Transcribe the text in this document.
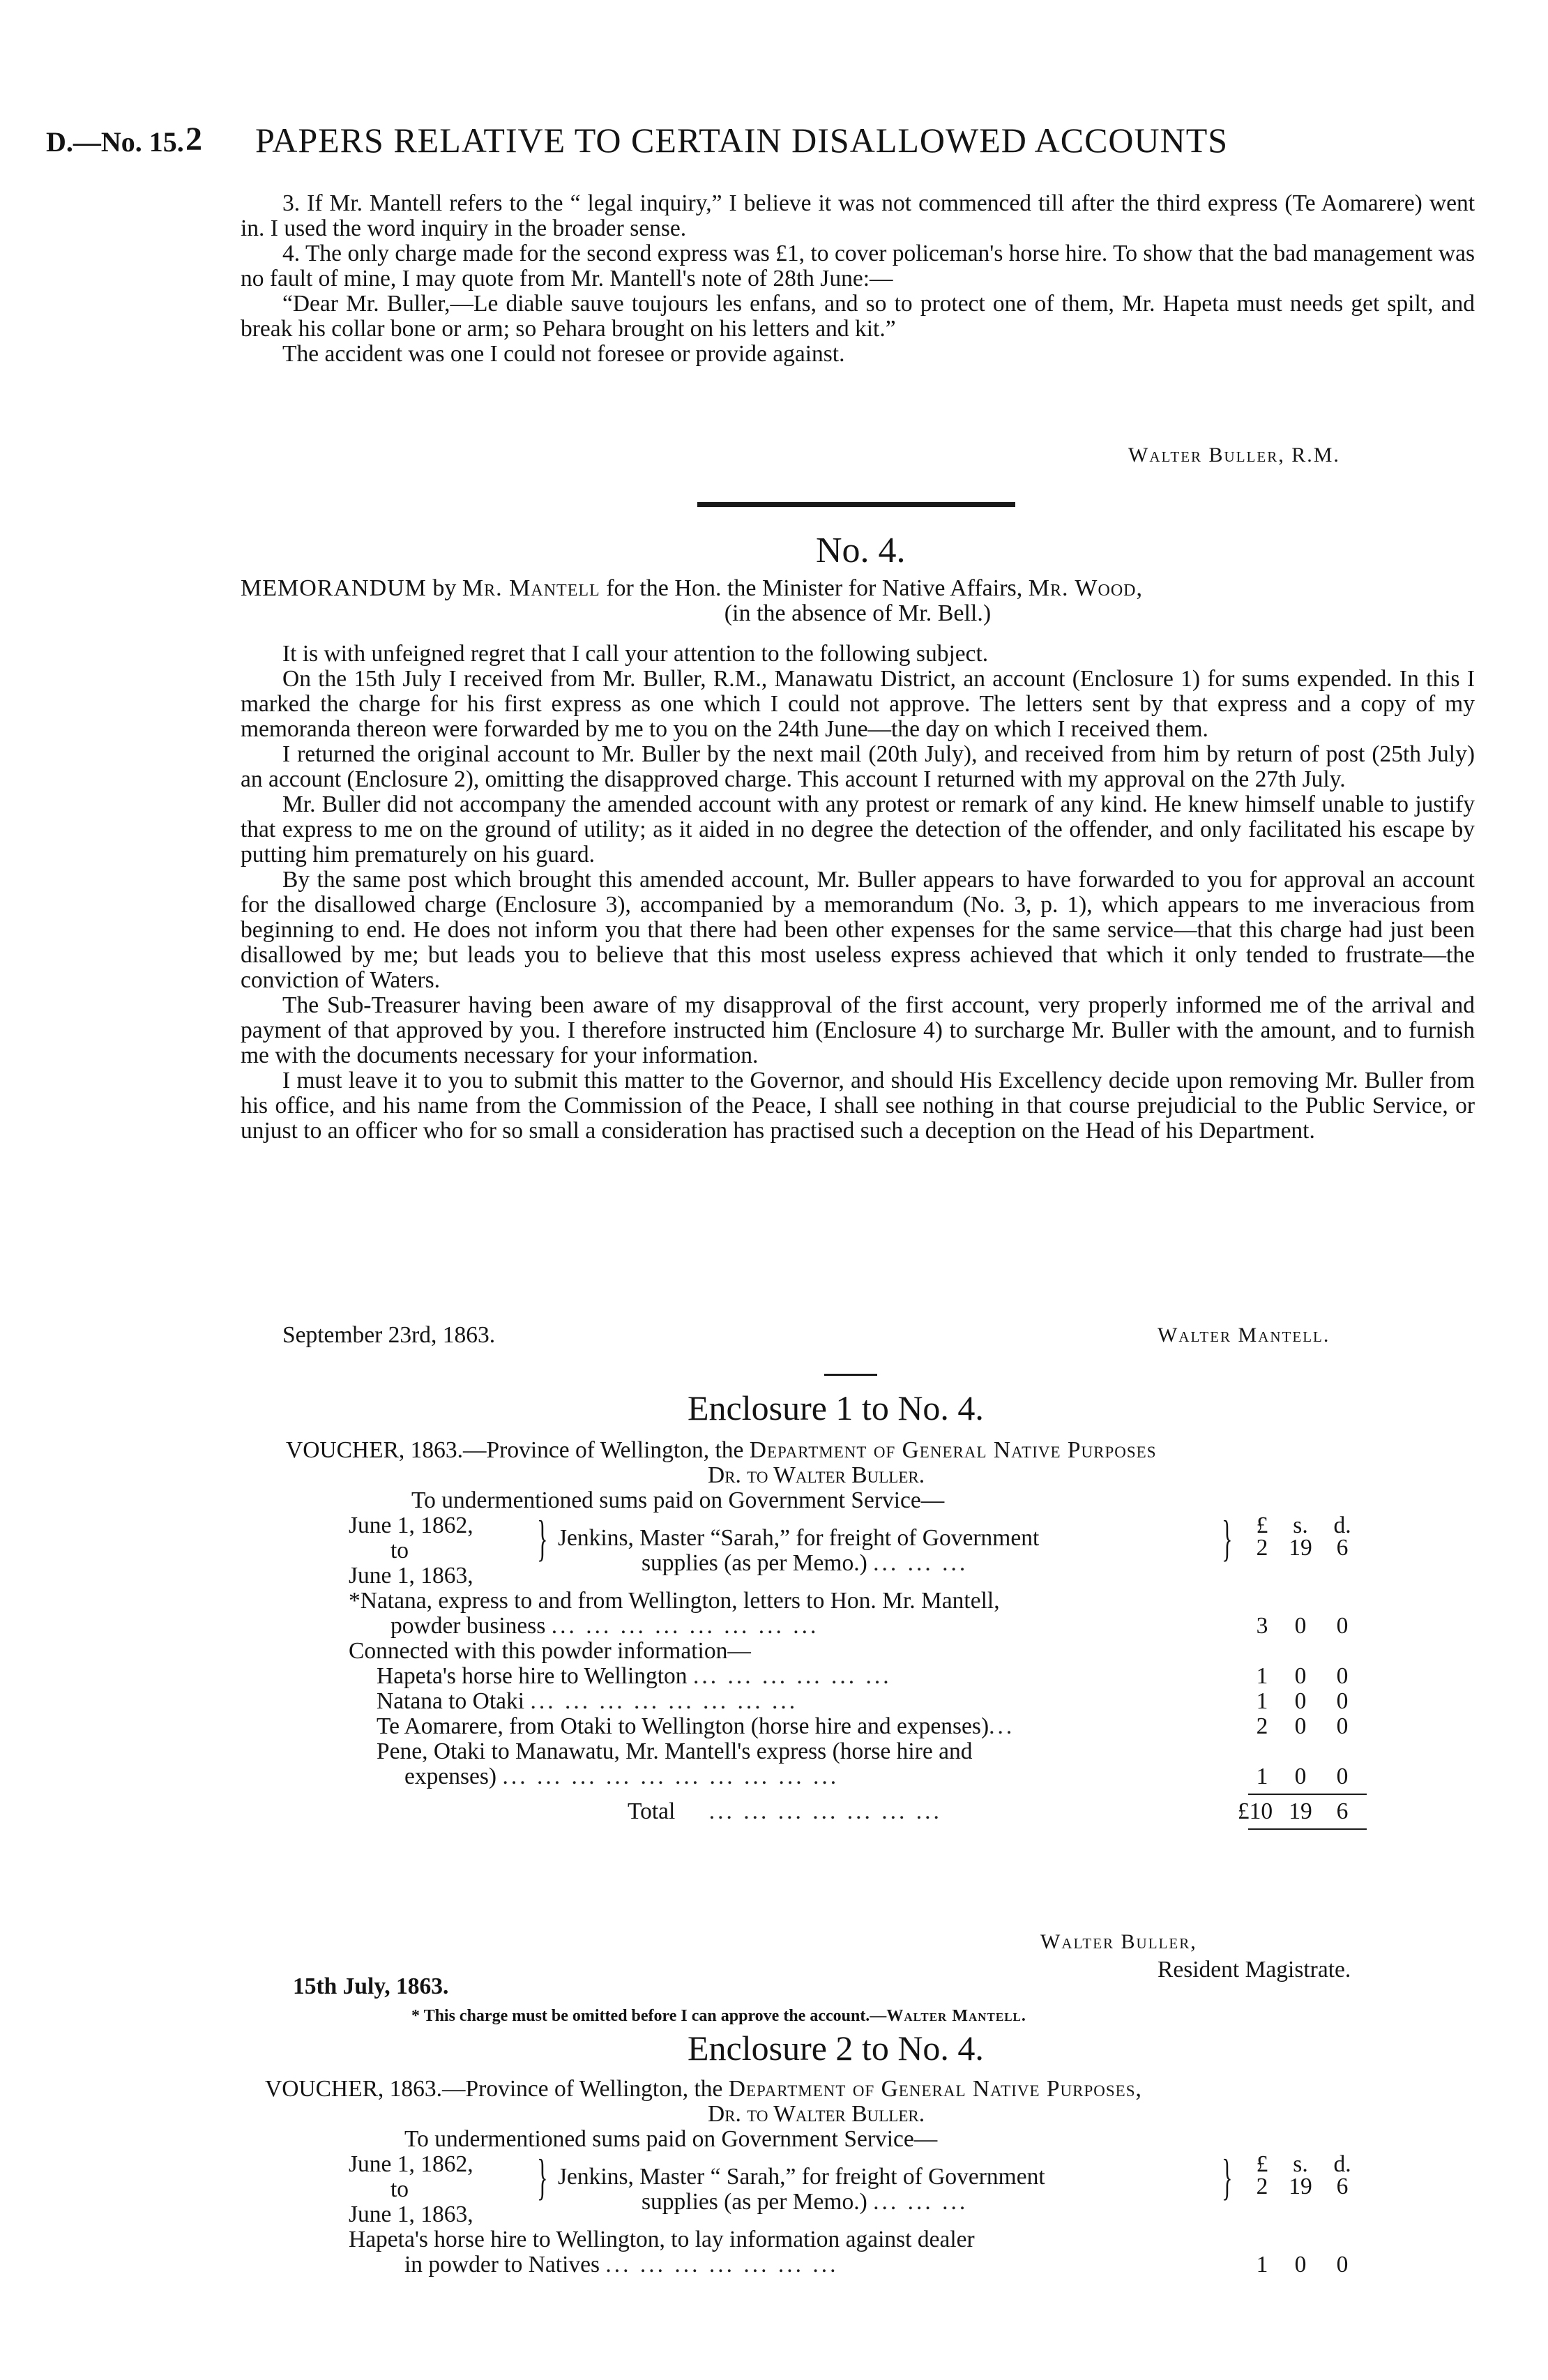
D.—No. 15. 2 PAPERS RELATIVE TO CERTAIN DISALLOWED ACCOUNTS

3. If Mr. Mantell refers to the “ legal inquiry,” I believe it was not commenced till after the third express (Te Aomarere) went in. I used the word inquiry in the broader sense.

4. The only charge made for the second express was £1, to cover policeman's horse hire. To show that the bad management was no fault of mine, I may quote from Mr. Mantell's note of 28th June:—

“Dear Mr. Buller,—Le diable sauve toujours les enfans, and so to protect one of them, Mr. Hapeta must needs get spilt, and break his collar bone or arm; so Pehara brought on his letters and kit.”

The accident was one I could not foresee or provide against.

Walter Buller, R.M.
No. 4.
MEMORANDUM by Mr. Mantell for the Hon. the Minister for Native Affairs, Mr. Wood,
(in the absence of Mr. Bell.)

It is with unfeigned regret that I call your attention to the following subject.

On the 15th July I received from Mr. Buller, R.M., Manawatu District, an account (Enclosure 1) for sums expended. In this I marked the charge for his first express as one which I could not approve. The letters sent by that express and a copy of my memoranda thereon were forwarded by me to you on the 24th June—the day on which I received them.

I returned the original account to Mr. Buller by the next mail (20th July), and received from him by return of post (25th July) an account (Enclosure 2), omitting the disapproved charge. This account I returned with my approval on the 27th July.

Mr. Buller did not accompany the amended account with any protest or remark of any kind. He knew himself unable to justify that express to me on the ground of utility; as it aided in no degree the detection of the offender, and only facilitated his escape by putting him prematurely on his guard.

By the same post which brought this amended account, Mr. Buller appears to have forwarded to you for approval an account for the disallowed charge (Enclosure 3), accompanied by a memorandum (No. 3, p. 1), which appears to me inveracious from beginning to end. He does not inform you that there had been other expenses for the same service—that this charge had just been disallowed by me; but leads you to believe that this most useless express achieved that which it only tended to frustrate—the conviction of Waters.

The Sub-Treasurer having been aware of my disapproval of the first account, very properly informed me of the arrival and payment of that approved by you. I therefore instructed him (Enclosure 4) to surcharge Mr. Buller with the amount, and to furnish me with the documents necessary for your information.

I must leave it to you to submit this matter to the Governor, and should His Excellency decide upon removing Mr. Buller from his office, and his name from the Commission of the Peace, I shall see nothing in that course prejudicial to the Public Service, or unjust to an officer who for so small a consideration has practised such a deception on the Head of his Department.

September 23rd, 1863.	Walter Mantell.
Enclosure 1 to No. 4.
VOUCHER, 1863.—Province of Wellington, the Department of General Native Purposes
Dr. to Walter Buller.
To undermentioned sums paid on Government Service—
£ s. d.
June 1, 1862,
to
June 1, 1863,
} Jenkins, Master “Sarah,” for freight of Government
supplies (as per Memo.) ... ... ...	}	2 19 6
*Natana, express to and from Wellington, letters to Hon. Mr. Mantell,
powder business ... ... ... ... ... ... ... ...	3 0 0
Connected with this powder information—
Hapeta's horse hire to Wellington ... ... ... ... ... ...	1 0 0
Natana to Otaki ... ... ... ... ... ... ... ...	1 0 0
Te Aomarere, from Otaki to Wellington (horse hire and expenses)...	2 0 0
Pene, Otaki to Manawatu, Mr. Mantell's express (horse hire and
expenses) ... ... ... ... ... ... ... ... ... ...	1 0 0
Total ... ... ... ... ... ... ...	£10 19 6
Walter Buller,
Resident Magistrate.
15th July, 1863.
* This charge must be omitted before I can approve the account.—Walter Mantell.
Enclosure 2 to No. 4.
VOUCHER, 1863.—Province of Wellington, the Department of General Native Purposes,
Dr. to Walter Buller.
To undermentioned sums paid on Government Service—
£ s. d.
June 1, 1862,
to
June 1, 1863,
} Jenkins, Master “ Sarah,” for freight of Government
supplies (as per Memo.) ... ... ...	}	2 19 6
Hapeta's horse hire to Wellington, to lay information against dealer
in powder to Natives ... ... ... ... ... ... ...	1 0 0
